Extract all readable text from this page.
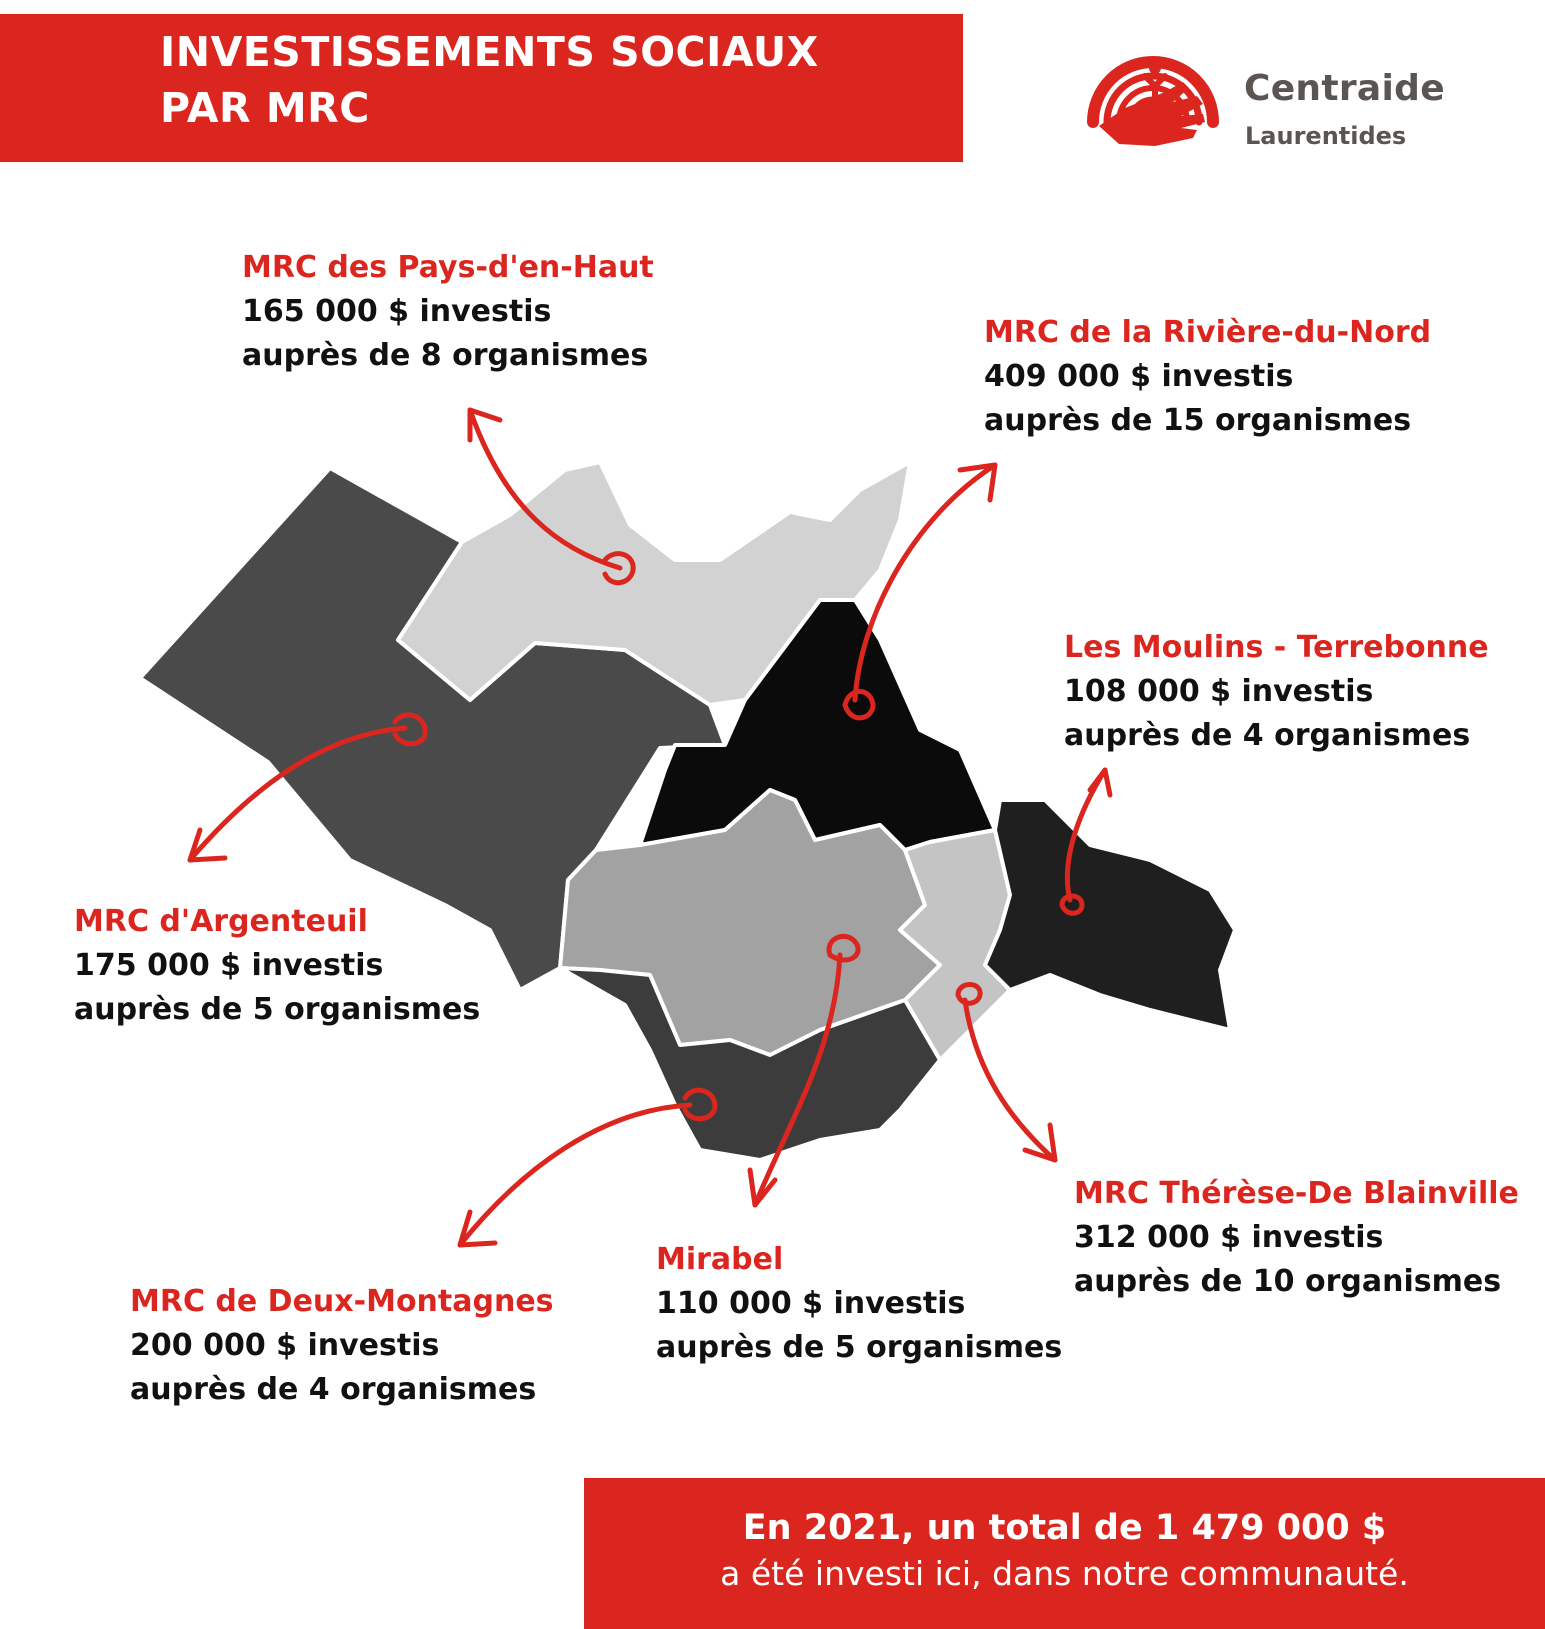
INVESTISSEMENTS SOCIAUX
PAR MRC	Centraide
Laurentides
MRC des Pays-d'en-Haut
165 000 $ investis
auprès de 8 organismes
MRC de la Rivière-du-Nord
409 000 $ investis
auprès de 15 organismes
Les Moulins - Terrebonne
108 000 $ investis
auprès de 4 organismes
MRC d'Argenteuil
175 000 $ investis
auprès de 5 organismes
MRC Thérèse-De Blainville
312 000 $ investis
auprès de 10 organismes
MRC de Deux-Montagnes
200 000 $ investis
auprès de 4 organismes
Mirabel
110 000 $ investis
auprès de 5 organismes
En 2021, un total de 1 479 000 $
a été investi ici, dans notre communauté.
